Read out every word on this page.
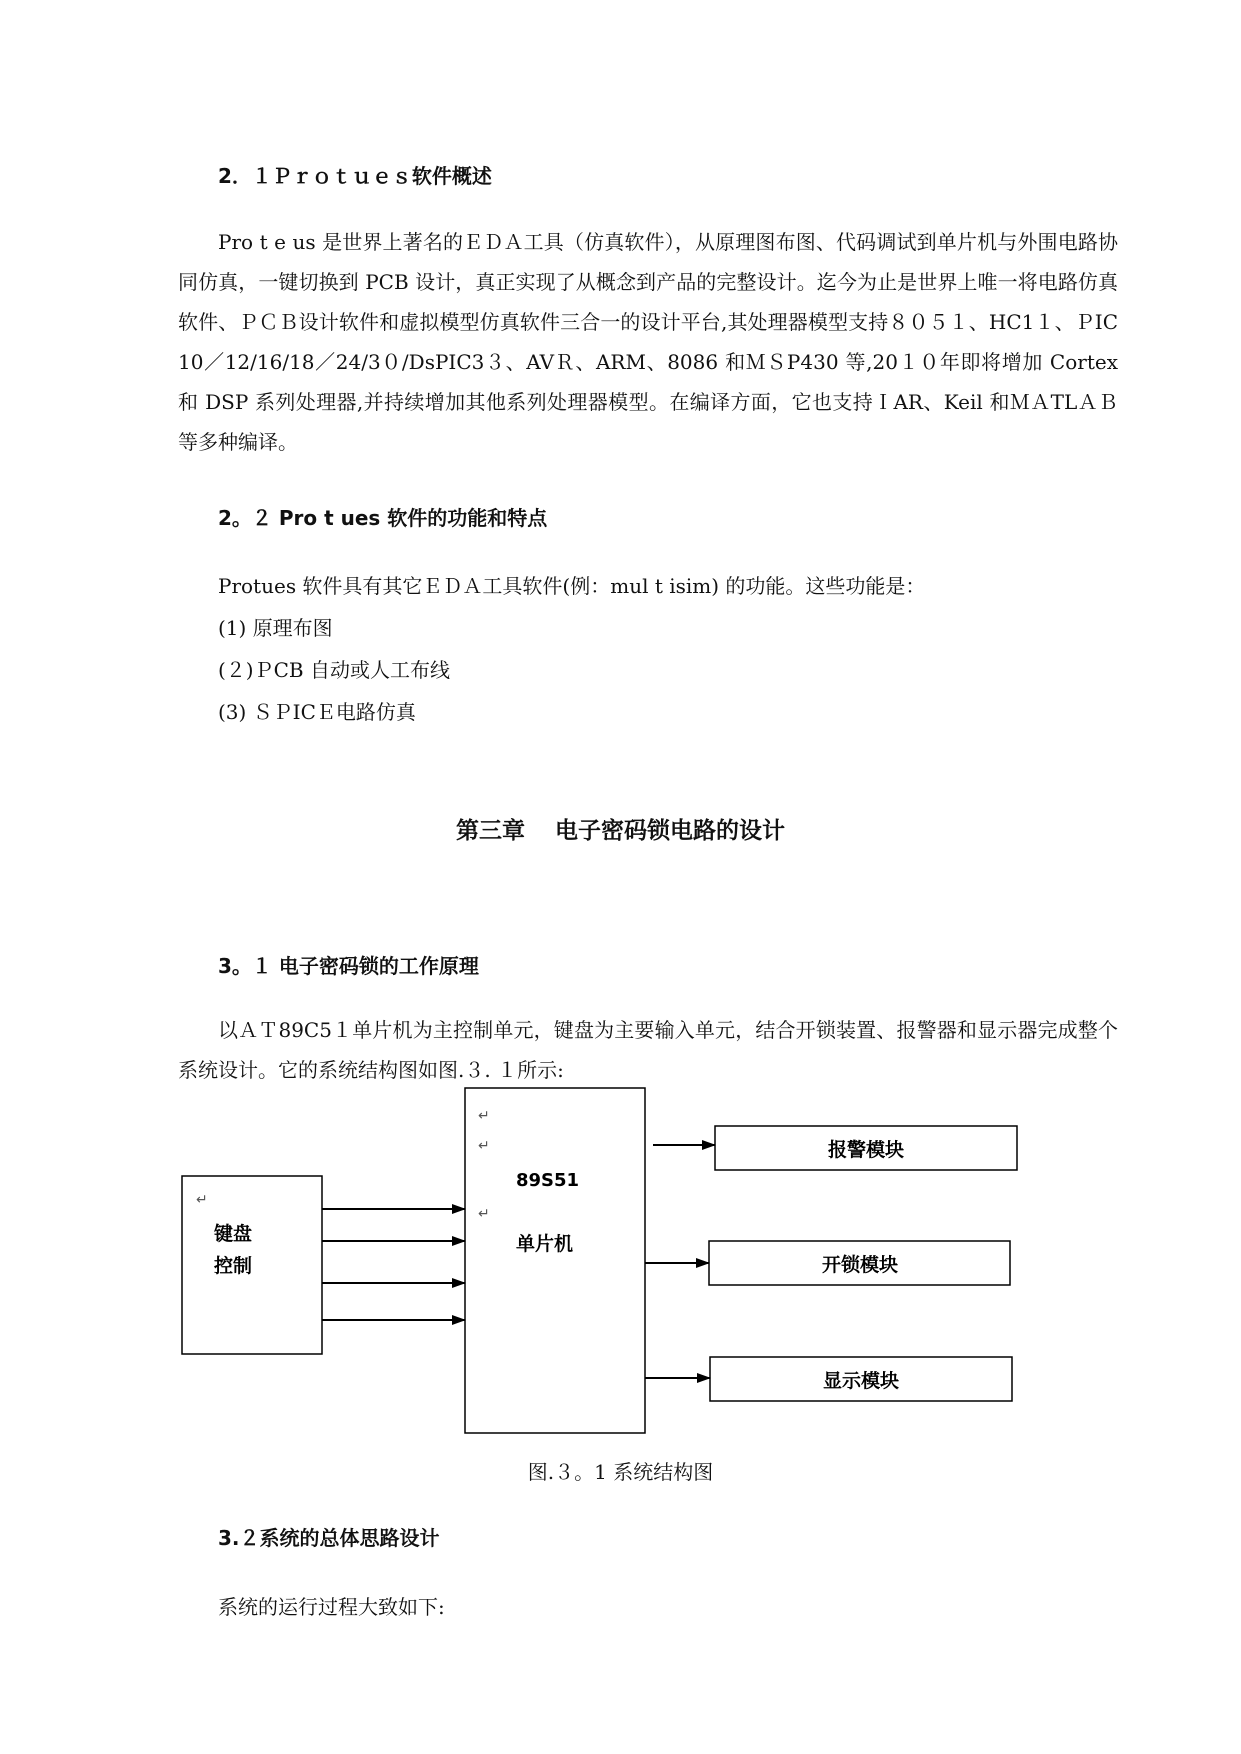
2．１Ｐｒｏｔｕｅｓ软件概述

Pro t e us 是世界上著名的ＥＤＡ工具（仿真软件），从原理图布图、代码调试到单片机与外围电路协同仿真，一键切换到 PCB 设计，真正实现了从概念到产品的完整设计。迄今为止是世界上唯一将电路仿真软件、ＰＣＢ设计软件和虚拟模型仿真软件三合一的设计平台,其处理器模型支持８０５１、HC1１、ＰIC 10／12/16/18／24/3０/DsPIC3３、AVＲ、ARM、8086 和ＭＳP430 等,20１０年即将增加 Cortex 和 DSP 系列处理器,并持续增加其他系列处理器模型。在编译方面，它也支持ＩAR、Keil 和ＭＡTLＡＢ等多种编译。

2。２ Pro t ues 软件的功能和特点
Protues 软件具有其它ＥＤＡ工具软件(例：mul t isim) 的功能。这些功能是：
(1) 原理布图
(２)ＰCB 自动或人工布线
(3) ＳＰICＥ电路仿真
第三章 电子密码锁电路的设计
3。１ 电子密码锁的工作原理

以ＡＴ89C5１单片机为主控制单元，键盘为主要输入单元，结合开锁装置、报警器和显示器完成整个系统设计。它的系统结构图如图.３. １所示:

↵
键盘
控制
↵
↵
89S51
↵
单片机
报警模块
开锁模块
显示模块
图.３。1 系统结构图
3.２系统的总体思路设计
系统的运行过程大致如下:
